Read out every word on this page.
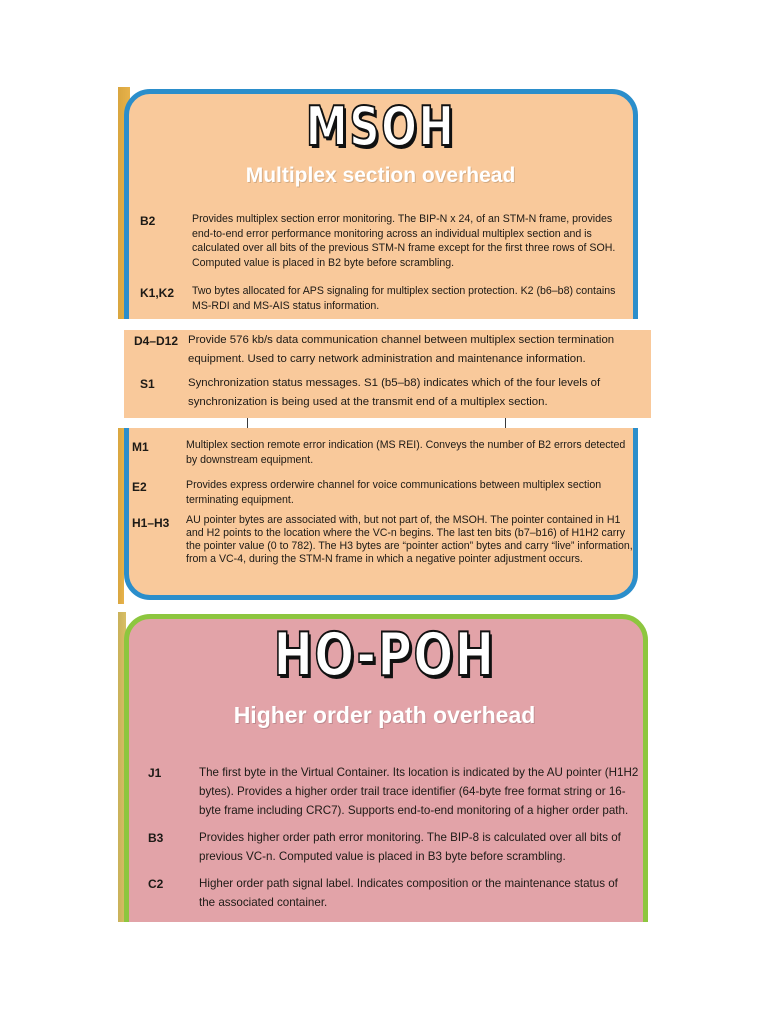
MSOH
Multiplex section overhead
B2	Provides multiplex section error monitoring. The BIP-N x 24, of an STM-N frame, provides end-to-end error performance monitoring across an individual multiplex section and is calculated over all bits of the previous STM-N frame except for the first three rows of SOH. Computed value is placed in B2 byte before scrambling.
K1,K2 Two bytes allocated for APS signaling for multiplex section protection. K2 (b6–b8) contains MS-RDI and MS-AIS status information.
D4–D12 Provide 576 kb/s data communication channel between multiplex section termination equipment. Used to carry network administration and maintenance information.
S1	Synchronization status messages. S1 (b5–b8) indicates which of the four levels of synchronization is being used at the transmit end of a multiplex section.
M1	Multiplex section remote error indication (MS REI). Conveys the number of B2 errors detected by downstream equipment.
E2	Provides express orderwire channel for voice communications between multiplex section terminating equipment.
H1–H3 AU pointer bytes are associated with, but not part of, the MSOH. The pointer contained in H1 and H2 points to the location where the VC-n begins. The last ten bits (b7–b16) of H1H2 carry the pointer value (0 to 782). The H3 bytes are “pointer action” bytes and carry “live” information, from a VC-4, during the STM-N frame in which a negative pointer adjustment occurs.
HO-POH
Higher order path overhead
J1	The first byte in the Virtual Container. Its location is indicated by the AU pointer (H1H2 bytes). Provides a higher order trail trace identifier (64-byte free format string or 16-byte frame including CRC7). Supports end-to-end monitoring of a higher order path.
B3	Provides higher order path error monitoring. The BIP-8 is calculated over all bits of previous VC-n. Computed value is placed in B3 byte before scrambling.
C2	Higher order path signal label. Indicates composition or the maintenance status of the associated container.
